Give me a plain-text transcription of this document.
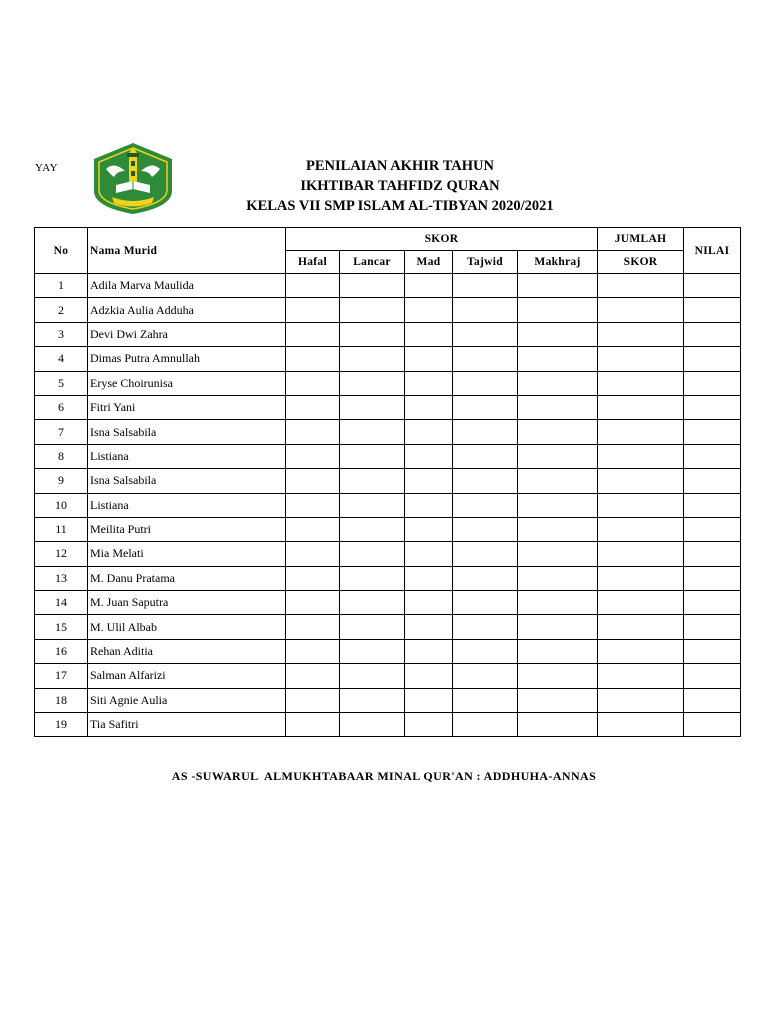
YAY	PENILAIAN AKHIR TAHUN
IKHTIBAR TAHFIDZ QURAN
KELAS VII SMP ISLAM AL-TIBYAN 2020/2021
No	Nama Murid	SKOR					JUMLAH	NILAI
		Hafal	Lancar	Mad	Tajwid	Makhraj	SKOR	
1	Adila Marva Maulida							
2	Adzkia Aulia Adduha							
3	Devi Dwi Zahra							
4	Dimas Putra Amnullah							
5	Eryse Choirunisa							
6	Fitri Yani							
7	Isna Salsabila							
8	Listiana							
9	Isna Salsabila							
10	Listiana							
11	Meilita Putri							
12	Mia Melati							
13	M. Danu Pratama							
14	M. Juan Saputra							
15	M. Ulil Albab							
16	Rehan Aditia							
17	Salman Alfarizi							
18	Siti Agnie Aulia							
19	Tia Safitri							
AS -SUWARUL  ALMUKHTABAAR MINAL QUR'AN : ADDHUHA-ANNAS
